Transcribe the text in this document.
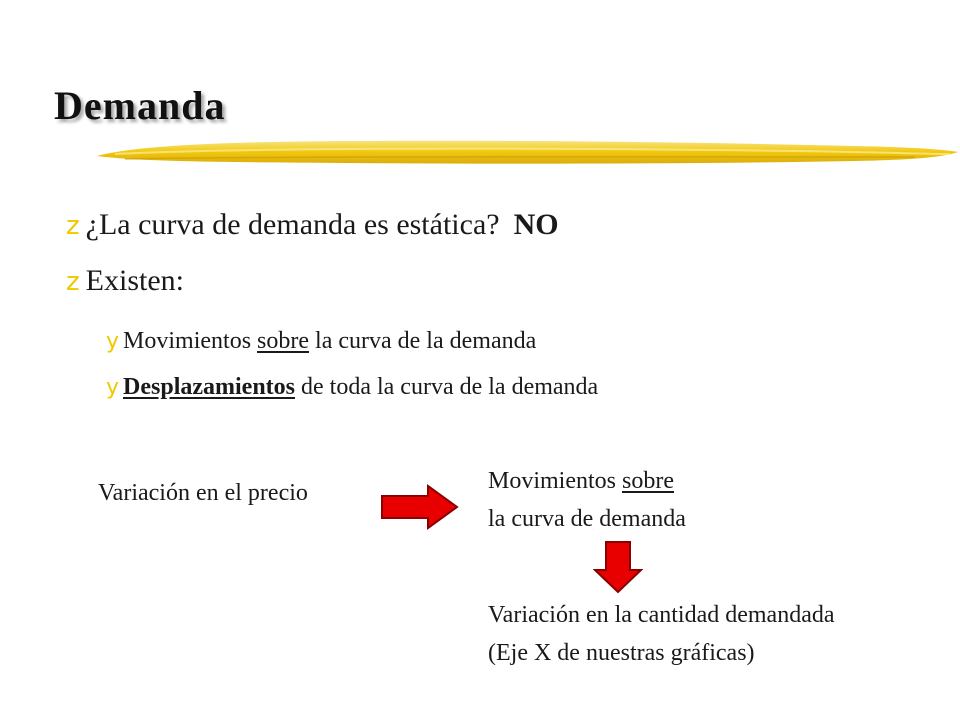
Demanda
z ¿La curva de demanda es estática? NO
z Existen:
y Movimientos sobre la curva de la demanda
y Desplazamientos de toda la curva de la demanda
Variación en el precio	Movimientos sobre
la curva de demanda
Variación en la cantidad demandada
(Eje X de nuestras gráficas)
